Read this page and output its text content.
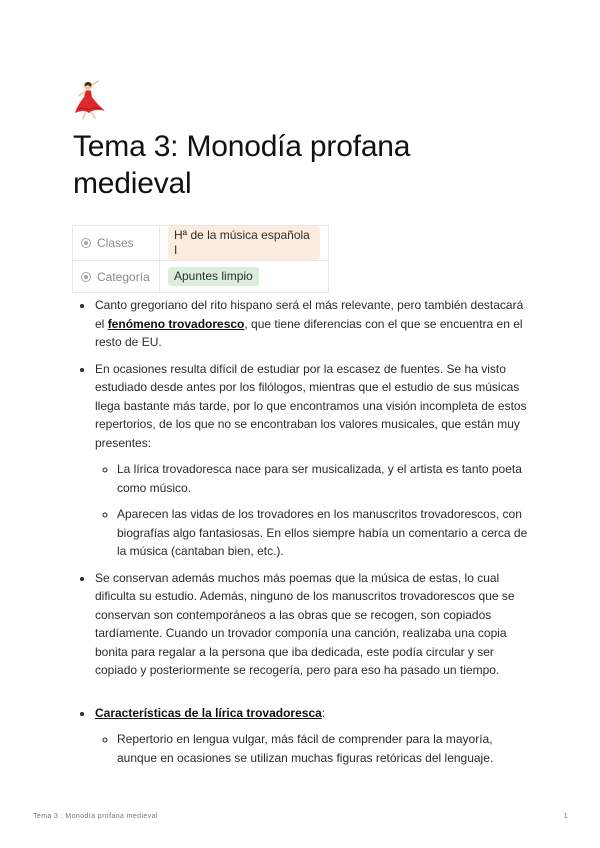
Tema 3: Monodía profana medieval
Clases	Hª de la música española I
Categoría	Apuntes limpio
• Canto gregoriano del rito hispano será el más relevante, pero también destacará el fenómeno trovadoresco, que tiene diferencias con el que se encuentra en el resto de EU.
• En ocasiones resulta difícil de estudiar por la escasez de fuentes. Se ha visto estudiado desde antes por los filólogos, mientras que el estudio de sus músicas llega bastante más tarde, por lo que encontramos una visión incompleta de estos repertorios, de los que no se encontraban los valores musicales, que están muy presentes:
◦ La lírica trovadoresca nace para ser musicalizada, y el artista es tanto poeta como músico.
◦ Aparecen las vidas de los trovadores en los manuscritos trovadorescos, con biografías algo fantasiosas. En ellos siempre había un comentario a cerca de la música (cantaban bien, etc.).
• Se conservan además muchos más poemas que la música de estas, lo cual dificulta su estudio. Además, ninguno de los manuscritos trovadorescos que se conservan son contemporáneos a las obras que se recogen, son copiados tardíamente. Cuando un trovador componía una canción, realizaba una copia bonita para regalar a la persona que iba dedicada, este podía circular y ser copiado y posteriormente se recogería, pero para eso ha pasado un tiempo.
• Características de la lírica trovadoresca:
◦ Repertorio en lengua vulgar, más fácil de comprender para la mayoría, aunque en ocasiones se utilizan muchas figuras retóricas del lenguaje.
Tema 3 : Monodía profana medieval	1
